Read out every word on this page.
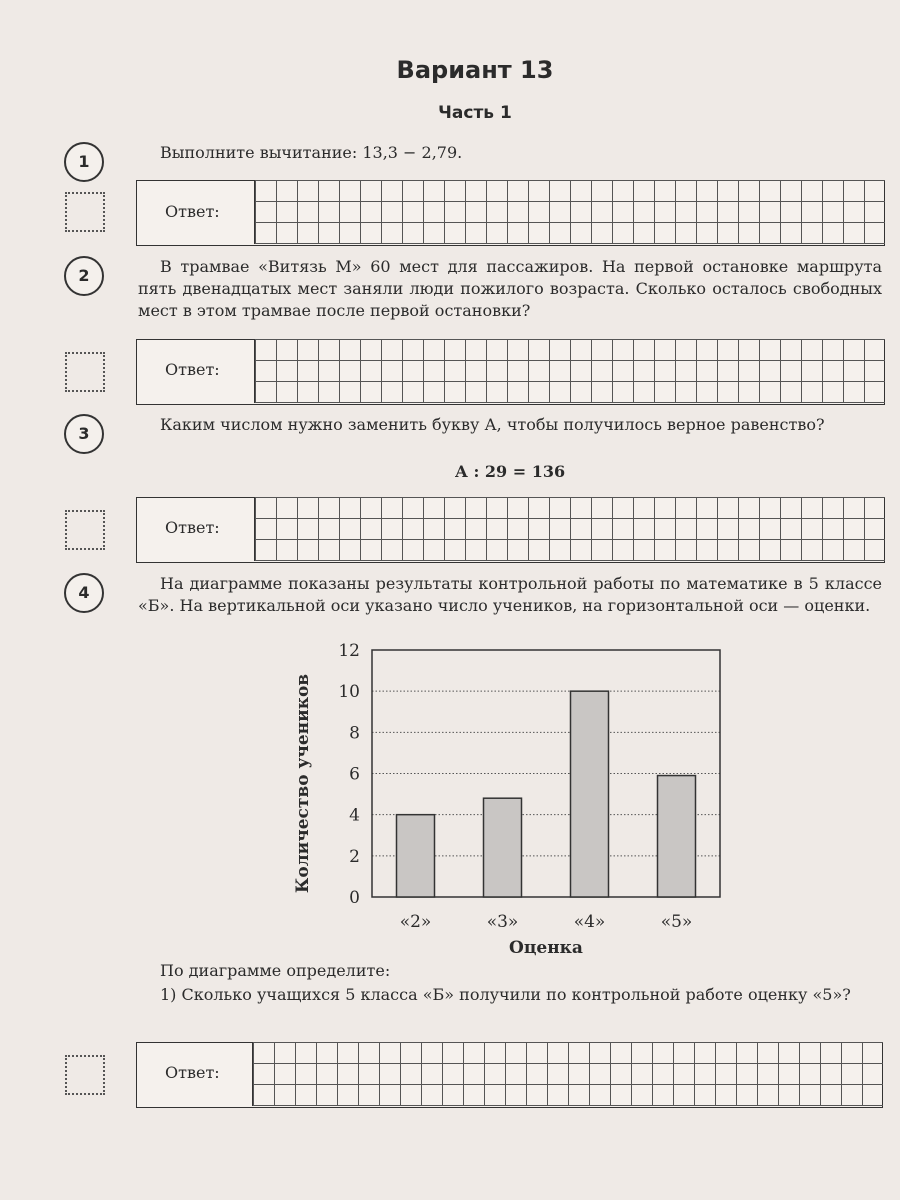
Вариант 13
Часть 1
1	Выполните вычитание: 13,3 − 2,79.
Ответ:
2	В трамвае «Витязь М» 60 мест для пассажиров. На первой остановке маршрута пять двенадцатых мест заняли люди пожилого возраста. Сколько осталось свободных мест в этом трамвае после первой остановки?
Ответ:
3	Каким числом нужно заменить букву А, чтобы получилось верное равенство?
А : 29 = 136
Ответ:
4	На диаграмме показаны результаты контрольной работы по математике в 5 классе «Б». На вертикальной оси указано число учеников, на горизонтальной оси — оценки.
0
2
4
6
8
10
12
«2»	«3»	«4»	«5»
Оценка
Количество учеников
По диаграмме определите:
1) Сколько учащихся 5 класса «Б» получили по контрольной работе оценку «5»?
Ответ:
